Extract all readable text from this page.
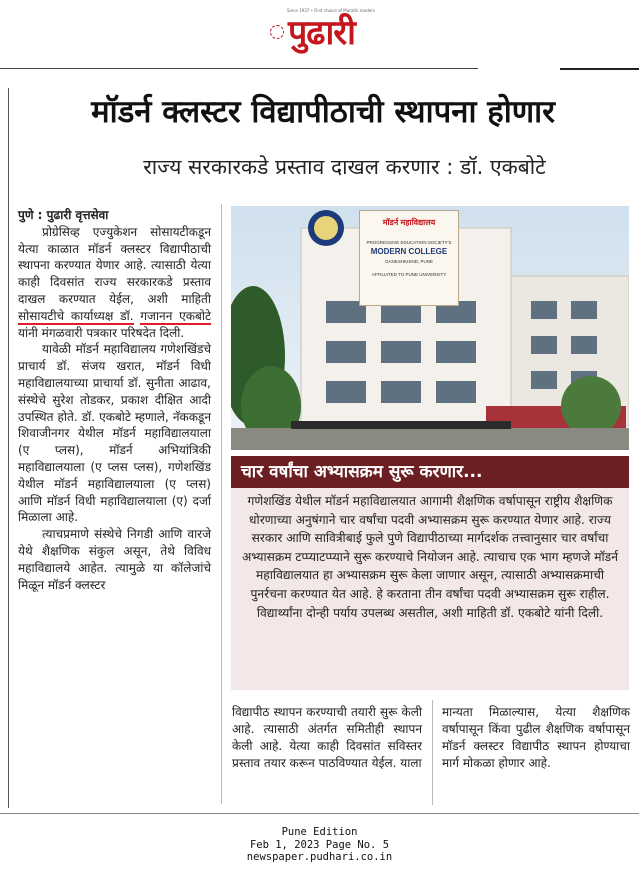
Since 1937 • First choice of Marathi readers
पुढारी
मॉडर्न क्लस्टर विद्यापीठाची स्थापना होणार
राज्य सरकारकडे प्रस्ताव दाखल करणार : डॉ. एकबोटे

पुणे : पुढारी वृत्तसेवा

प्रोग्रेसिव्ह एज्युकेशन सोसायटीकडून येत्या काळात मॉडर्न क्लस्टर विद्यापीठाची स्थापना करण्यात येणार आहे. त्यासाठी येत्या काही दिवसांत राज्य सरकारकडे प्रस्ताव दाखल करण्यात येईल, अशी माहिती सोसायटीचे कार्याध्यक्ष डॉ. गजानन एकबोटे यांनी मंगळवारी पत्रकार परिषदेत दिली.

यावेळी मॉडर्न महाविद्यालय गणेशखिंडचे प्राचार्य डॉ. संजय खरात, मॉडर्न विधी महाविद्यालयाच्या प्राचार्या डॉ. सुनीता आढाव, संस्थेचे सुरेश तोडकर, प्रकाश दीक्षित आदी उपस्थित होते. डॉ. एकबोटे म्हणाले, नॅककडून शिवाजीनगर येथील मॉडर्न महाविद्यालयाला (ए प्लस), मॉडर्न अभियांत्रिकी महाविद्यालयाला (ए प्लस प्लस), गणेशखिंड येथील मॉडर्न महाविद्यालयाला (ए प्लस) आणि मॉडर्न विधी महाविद्यालयाला (ए) दर्जा मिळाला आहे.

त्याचप्रमाणे संस्थेचे निगडी आणि वारजे येथे शैक्षणिक संकुल असून, तेथे विविध महाविद्यालये आहेत. त्यामुळे या कॉलेजांचे मिळून मॉडर्न क्लस्टर

मॉडर्न महाविद्यालय
PROGRESSIVE EDUCATION SOCIETY'S
MODERN COLLEGE
GANESHKHIND, PUNE
AFFILIATED TO PUNE UNIVERSITY
चार वर्षांचा अभ्यासक्रम सुरू करणार...
गणेशखिंड येथील मॉडर्न महाविद्यालयात आगामी शैक्षणिक वर्षापासून राष्ट्रीय शैक्षणिक धोरणाच्या अनुषंगाने चार वर्षांचा पदवी अभ्यासक्रम सुरू करण्यात येणार आहे. राज्य सरकार आणि सावित्रीबाई फुले पुणे विद्यापीठाच्या मार्गदर्शक तत्त्वानुसार चार वर्षांचा अभ्यासक्रम टप्प्याटप्प्याने सुरू करण्याचे नियोजन आहे. त्याचाच एक भाग म्हणजे मॉडर्न महाविद्यालयात हा अभ्यासक्रम सुरू केला जाणार असून, त्यासाठी अभ्यासक्रमाची पुनर्रचना करण्यात येत आहे. हे करताना तीन वर्षांचा पदवी अभ्यासक्रम सुरू राहील. विद्यार्थ्यांना दोन्ही पर्याय उपलब्ध असतील, अशी माहिती डॉ. एकबोटे यांनी दिली.
विद्यापीठ स्थापन करण्याची तयारी सुरू केली आहे. त्यासाठी अंतर्गत समितीही स्थापन केली आहे. येत्या काही दिवसांत सविस्तर प्रस्ताव तयार करून पाठविण्यात येईल. याला
मान्यता मिळाल्यास, येत्या शैक्षणिक वर्षापासून किंवा पुढील शैक्षणिक वर्षापासून मॉडर्न क्लस्टर विद्यापीठ स्थापन होण्याचा मार्ग मोकळा होणार आहे.
Pune Edition
Feb 1, 2023 Page No. 5
newspaper.pudhari.co.in
